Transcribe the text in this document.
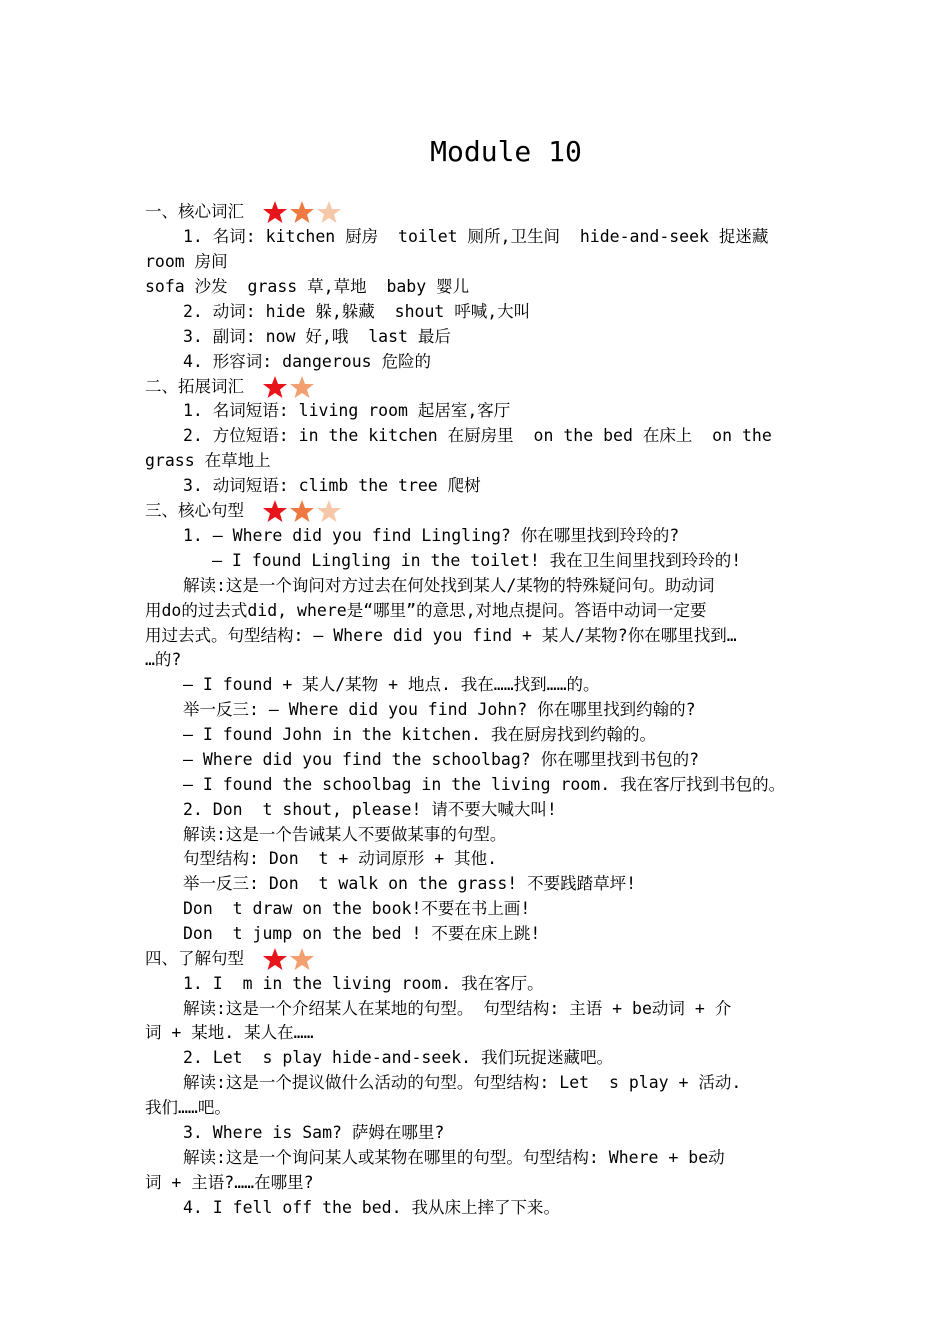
Module 10
一、核心词汇
1. 名词: kitchen 厨房  toilet 厕所,卫生间  hide-and-seek 捉迷藏
room 房间
sofa 沙发  grass 草,草地  baby 婴儿
2. 动词: hide 躲,躲藏  shout 呼喊,大叫
3. 副词: now 好,哦  last 最后
4. 形容词: dangerous 危险的
二、拓展词汇
1. 名词短语: living room 起居室,客厅
2. 方位短语: in the kitchen 在厨房里  on the bed 在床上  on the
grass 在草地上
3. 动词短语: climb the tree 爬树
三、核心句型
1. — Where did you find Lingling? 你在哪里找到玲玲的?
— I found Lingling in the toilet! 我在卫生间里找到玲玲的!
解读:这是一个询问对方过去在何处找到某人/某物的特殊疑问句。助动词
用do的过去式did, where是“哪里”的意思,对地点提问。答语中动词一定要
用过去式。句型结构: — Where did you find + 某人/某物?你在哪里找到…
…的?
— I found + 某人/某物 + 地点. 我在……找到……的。
举一反三: — Where did you find John? 你在哪里找到约翰的?
— I found John in the kitchen. 我在厨房找到约翰的。
— Where did you find the schoolbag? 你在哪里找到书包的?
— I found the schoolbag in the living room. 我在客厅找到书包的。
2. Don  t shout, please! 请不要大喊大叫!
解读:这是一个告诫某人不要做某事的句型。
句型结构: Don  t + 动词原形 + 其他.
举一反三: Don  t walk on the grass! 不要践踏草坪!
Don  t draw on the book!不要在书上画!
Don  t jump on the bed ! 不要在床上跳!
四、了解句型
1. I  m in the living room. 我在客厅。
解读:这是一个介绍某人在某地的句型。 句型结构: 主语 + be动词 + 介
词 + 某地. 某人在……
2. Let  s play hide-and-seek. 我们玩捉迷藏吧。
解读:这是一个提议做什么活动的句型。句型结构: Let  s play + 活动.
我们……吧。
3. Where is Sam? 萨姆在哪里?
解读:这是一个询问某人或某物在哪里的句型。句型结构: Where + be动
词 + 主语?……在哪里?
4. I fell off the bed. 我从床上摔了下来。
